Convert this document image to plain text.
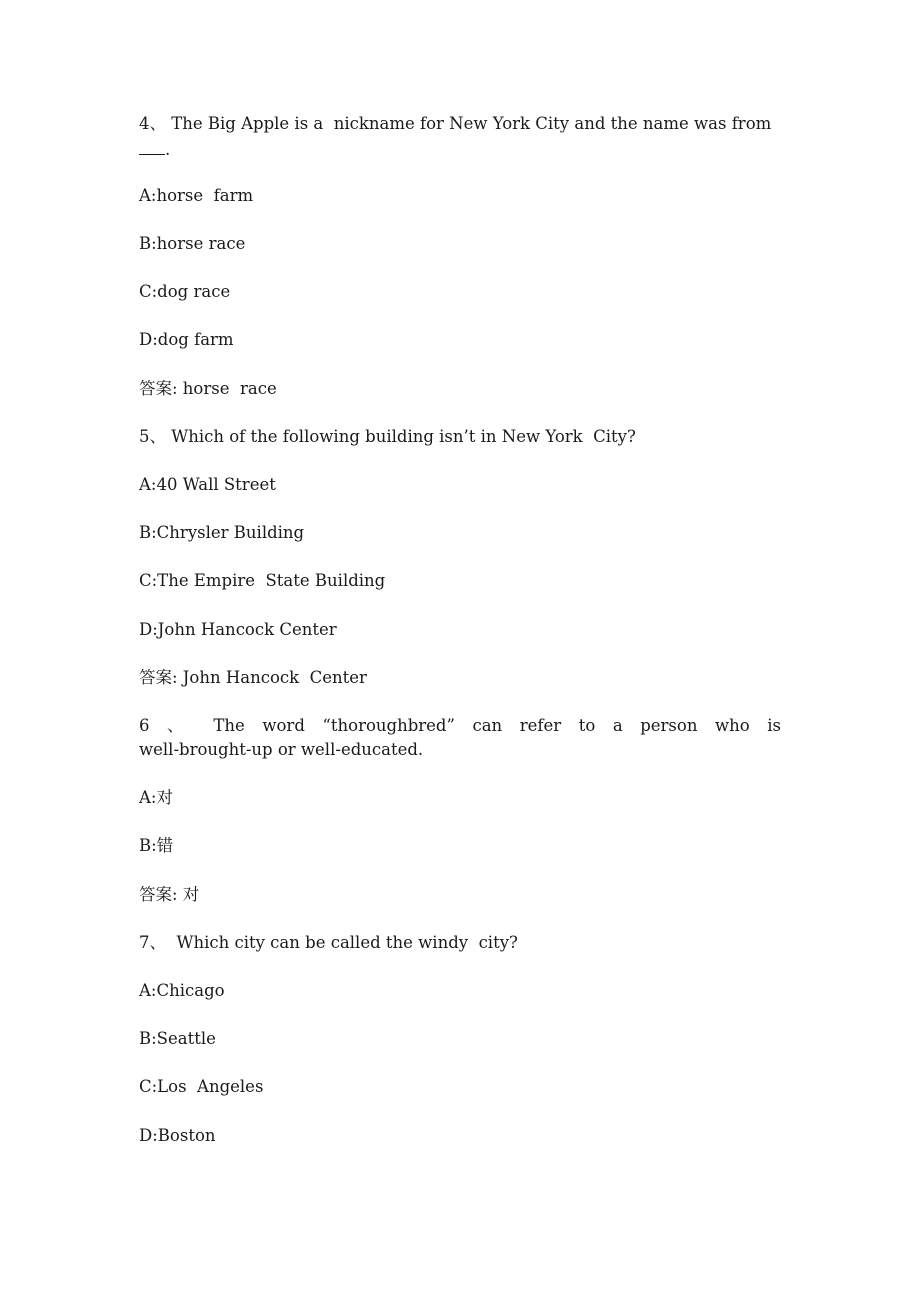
4、 The Big Apple is a  nickname for New York City and the name was from
.
A:horse  farm
B:horse race
C:dog race
D:dog farm
答案: horse  race
5、 Which of the following building isn’t in New York  City?
A:40 Wall Street
B:Chrysler Building
C:The Empire  State Building
D:John Hancock Center
答案: John Hancock  Center
6 、 The word “thoroughbred” can refer to a person who is
well-brought-up or well-educated.
A:对
B:错
答案: 对
7、  Which city can be called the windy  city?
A:Chicago
B:Seattle
C:Los  Angeles
D:Boston
